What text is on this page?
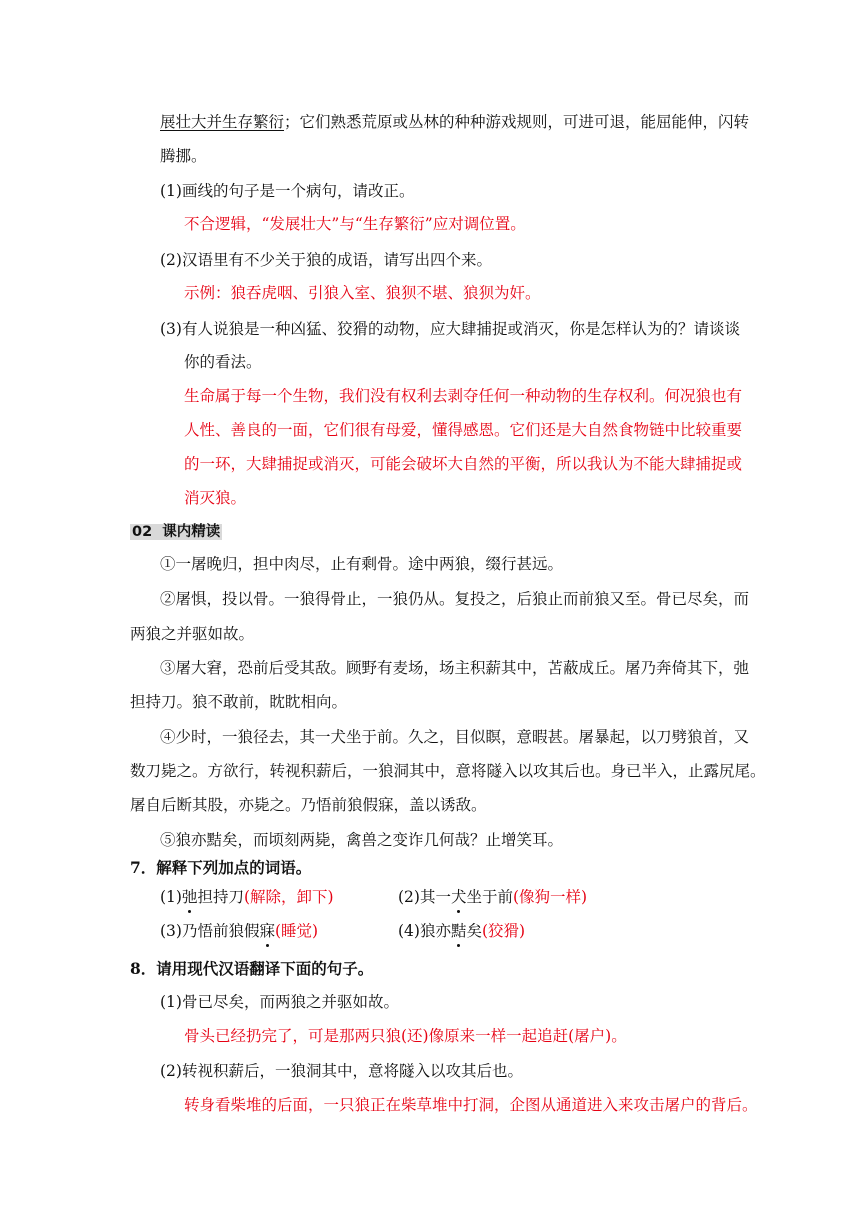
展壮大并生存繁衍；它们熟悉荒原或丛林的种种游戏规则，可进可退，能屈能伸，闪转
腾挪。
(1)画线的句子是一个病句，请改正。
不合逻辑，“发展壮大”与“生存繁衍”应对调位置。
(2)汉语里有不少关于狼的成语，请写出四个来。
示例：狼吞虎咽、引狼入室、狼狈不堪、狼狈为奸。
(3)有人说狼是一种凶猛、狡猾的动物，应大肆捕捉或消灭，你是怎样认为的？请谈谈
你的看法。
生命属于每一个生物，我们没有权利去剥夺任何一种动物的生存权利。何况狼也有
人性、善良的一面，它们很有母爱，懂得感恩。它们还是大自然食物链中比较重要
的一环，大肆捕捉或消灭，可能会破坏大自然的平衡，所以我认为不能大肆捕捉或
消灭狼。
02 课内精读
①一屠晚归，担中肉尽，止有剩骨。途中两狼，缀行甚远。
②屠惧，投以骨。一狼得骨止，一狼仍从。复投之，后狼止而前狼又至。骨已尽矣，而
两狼之并驱如故。
③屠大窘，恐前后受其敌。顾野有麦场，场主积薪其中，苫蔽成丘。屠乃奔倚其下，弛
担持刀。狼不敢前，眈眈相向。
④少时，一狼径去，其一犬坐于前。久之，目似瞑，意暇甚。屠暴起，以刀劈狼首，又
数刀毙之。方欲行，转视积薪后，一狼洞其中，意将隧入以攻其后也。身已半入，止露尻尾。
屠自后断其股，亦毙之。乃悟前狼假寐，盖以诱敌。
⑤狼亦黠矣，而顷刻两毙，禽兽之变诈几何哉？止增笑耳。
7．解释下列加点的词语。
(1)弛担持刀(解除，卸下)	(2)其一犬坐于前(像狗一样)
(3)乃悟前狼假寐(睡觉)	(4)狼亦黠矣(狡猾)
8．请用现代汉语翻译下面的句子。
(1)骨已尽矣，而两狼之并驱如故。
骨头已经扔完了，可是那两只狼(还)像原来一样一起追赶(屠户)。
(2)转视积薪后，一狼洞其中，意将隧入以攻其后也。
转身看柴堆的后面，一只狼正在柴草堆中打洞，企图从通道进入来攻击屠户的背后。
